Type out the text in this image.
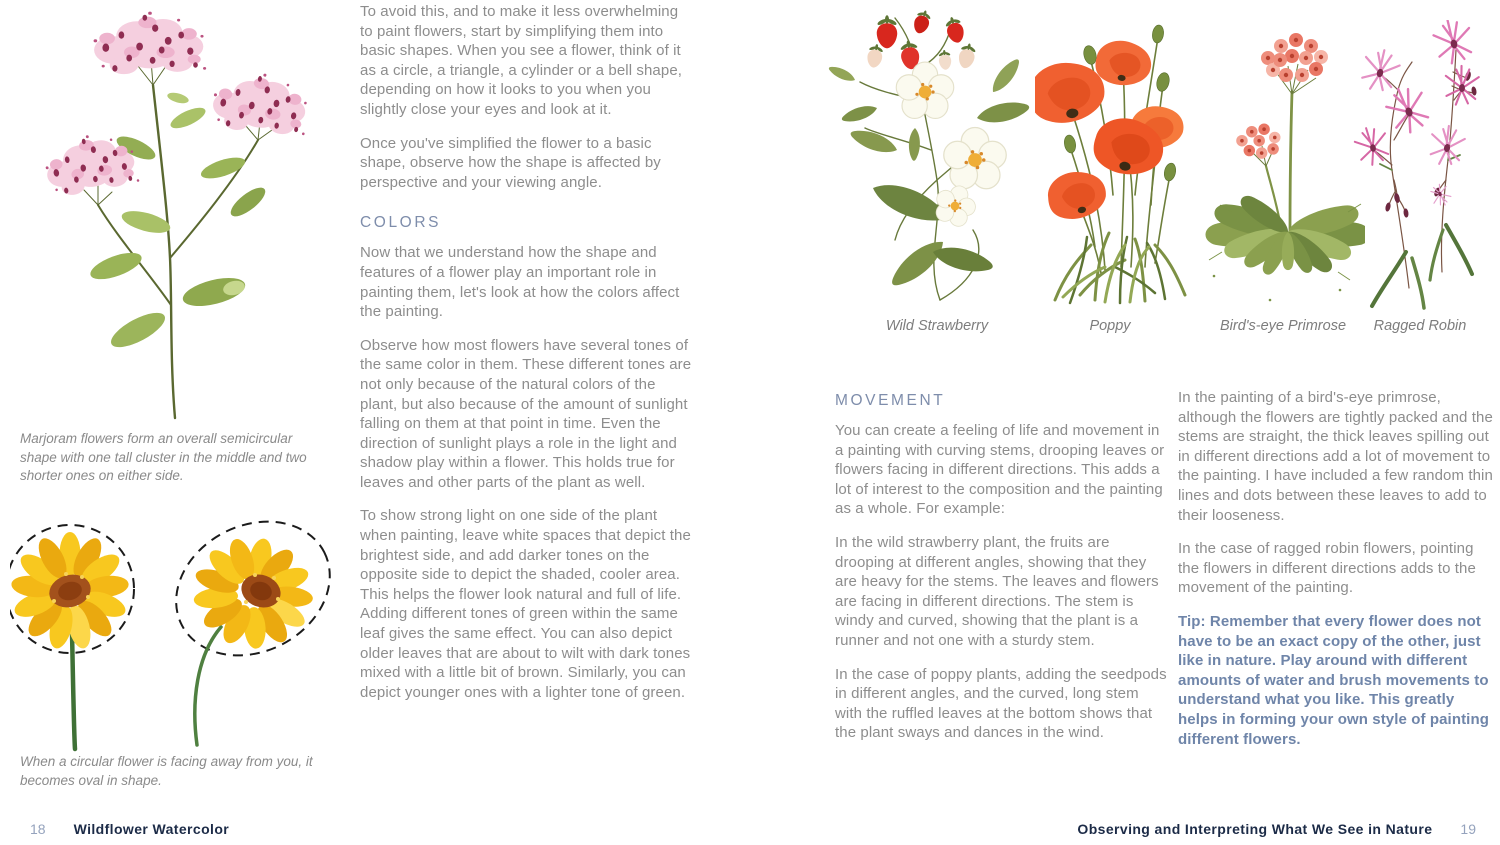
Marjoram flowers form an overall semicircular shape with one tall cluster in the middle and two shorter ones on either side.
When a circular flower is facing away from you, it becomes oval in shape.

To avoid this, and to make it less overwhelming to paint flowers, start by simplifying them into basic shapes. When you see a flower, think of it as a circle, a triangle, a cylinder or a bell shape, depending on how it looks to you when you slightly close your eyes and look at it.

Once you've simplified the flower to a basic shape, observe how the shape is affected by perspective and your viewing angle.

COLORS

Now that we understand how the shape and features of a flower play an important role in painting them, let's look at how the colors affect the painting.

Observe how most flowers have several tones of the same color in them. These different tones are not only because of the natural colors of the plant, but also because of the amount of sunlight falling on them at that point in time. Even the direction of sunlight plays a role in the light and shadow play within a flower. This holds true for leaves and other parts of the plant as well.

To show strong light on one side of the plant when painting, leave white spaces that depict the brightest side, and add darker tones on the opposite side to depict the shaded, cooler area. This helps the flower look natural and full of life. Adding different tones of green within the same leaf gives the same effect. You can also depict older leaves that are about to wilt with dark tones mixed with a little bit of brown. Similarly, you can depict younger ones with a lighter tone of green.

18 Wildflower Watercolor
Wild Strawberry	Poppy	Bird's-eye Primrose	Ragged Robin
MOVEMENT

You can create a feeling of life and movement in a painting with curving stems, drooping leaves or flowers facing in different directions. This adds a lot of interest to the composition and the painting as a whole. For example:

In the wild strawberry plant, the fruits are drooping at different angles, showing that they are heavy for the stems. The leaves and flowers are facing in different directions. The stem is windy and curved, showing that the plant is a runner and not one with a sturdy stem.

In the case of poppy plants, adding the seedpods in different angles, and the curved, long stem with the ruffled leaves at the bottom shows that the plant sways and dances in the wind.

In the painting of a bird's-eye primrose, although the flowers are tightly packed and the stems are straight, the thick leaves spilling out in different directions add a lot of movement to the painting. I have included a few random thin lines and dots between these leaves to add to their looseness.

In the case of ragged robin flowers, pointing the flowers in different directions adds to the movement of the painting.

Tip: Remember that every flower does not have to be an exact copy of the other, just like in nature. Play around with different amounts of water and brush movements to understand what you like. This greatly helps in forming your own style of painting different flowers.

Observing and Interpreting What We See in Nature 19
